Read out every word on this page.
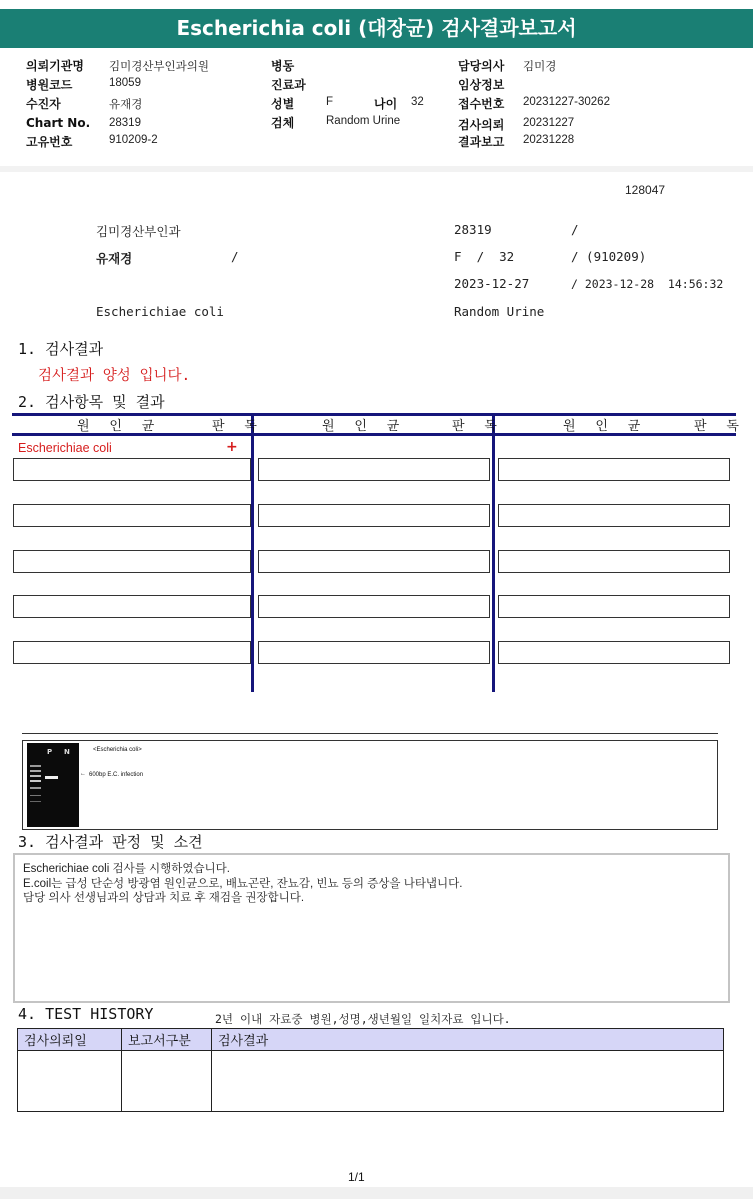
Escherichia coli (대장균) 검사결과보고서
의뢰기관명 김미경산부인과의원
병원코드	18059
수진자	유재경
Chart No. 28319
고유번호	910209-2
병동
진료과
성별	F	나이 32
검체	Random Urine
담당의사 김미경
임상정보
접수번호 20231227-30262
검사의뢰 20231227
결과보고 20231228
128047
김미경산부인과	28319	/
유재경	/	F  /  32	/ (910209)
2023-12-27	/ 2023-12-28  14:56:32
Escherichiae coli	Random Urine
1. 검사결과
검사결과 양성 입니다.
2. 검사항목 및 결과
원 인 균	판 독	원 인 균	판 독	원 인 균	판 독
Escherichiae coli	+
P N	<Escherichia coli>
← 600bp E.C. infection
3. 검사결과 판정 및 소견
Escherichiae coli 검사를 시행하였습니다.
E.coil는 급성 단순성 방광염 원인균으로, 배뇨곤란, 잔뇨감, 빈뇨 등의 증상을 나타냅니다.
담당 의사 선생님과의 상담과 치료 후 재검을 권장합니다.
4. TEST HISTORY	2년 이내 자료중 병원,성명,생년월일 일치자료 입니다.
검사의뢰일	보고서구분	검사결과

1/1
